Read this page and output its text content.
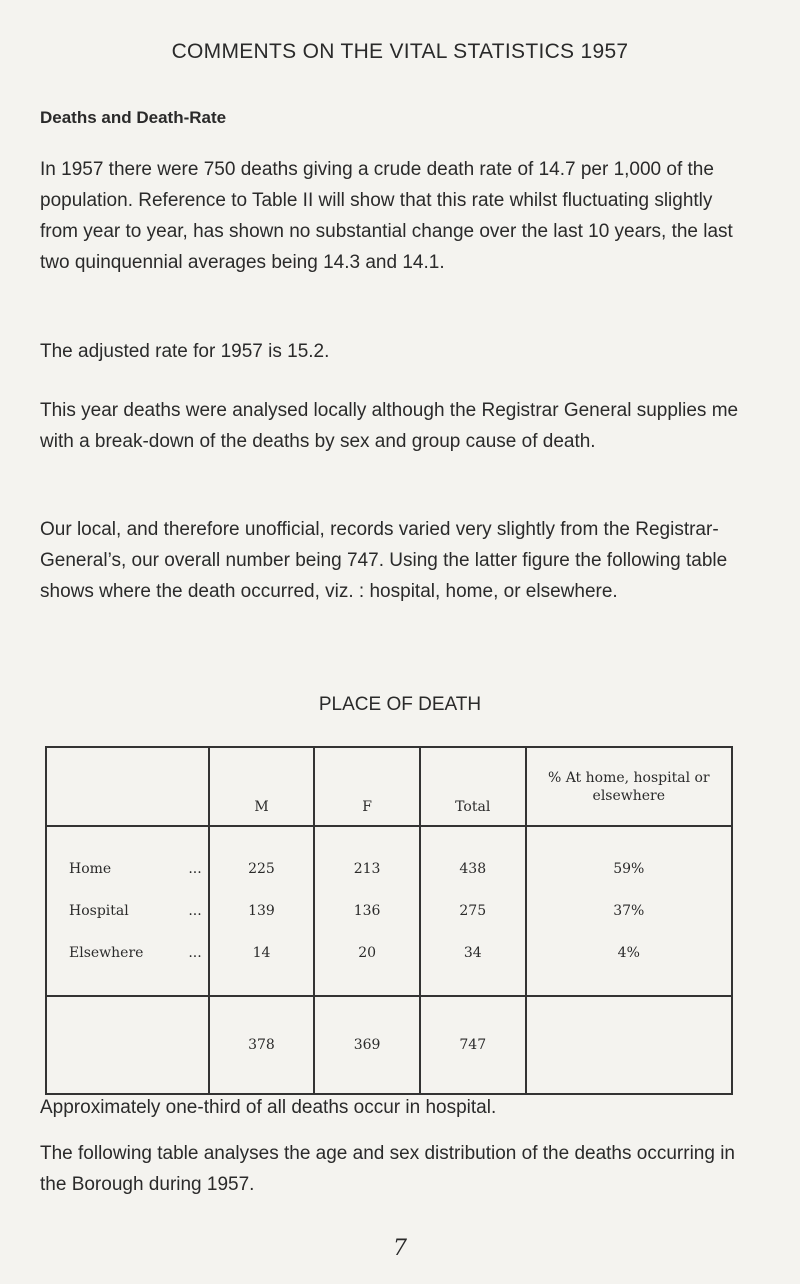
COMMENTS ON THE VITAL STATISTICS 1957
Deaths and Death-Rate

In 1957 there were 750 deaths giving a crude death rate of 14.7 per 1,000 of the population. Reference to Table II will show that this rate whilst fluctuating slightly from year to year, has shown no substantial change over the last 10 years, the last two quinquennial averages being 14.3 and 14.1.

The adjusted rate for 1957 is 15.2.

This year deaths were analysed locally although the Registrar General supplies me with a break-down of the deaths by sex and group cause of death.

Our local, and therefore unofficial, records varied very slightly from the Registrar-General’s, our overall number being 747. Using the latter figure the following table shows where the death occurred, viz. : hospital, home, or elsewhere.

PLACE OF DEATH
	M	F	Total	% At home, hospital or elsewhere
Home ...	225	213	438	59%
Hospital ...	139	136	275	37%
Elsewhere ...	14	20	34	4%
	378	369	747	

Approximately one-third of all deaths occur in hospital.

The following table analyses the age and sex distribution of the deaths occurring in the Borough during 1957.

7
